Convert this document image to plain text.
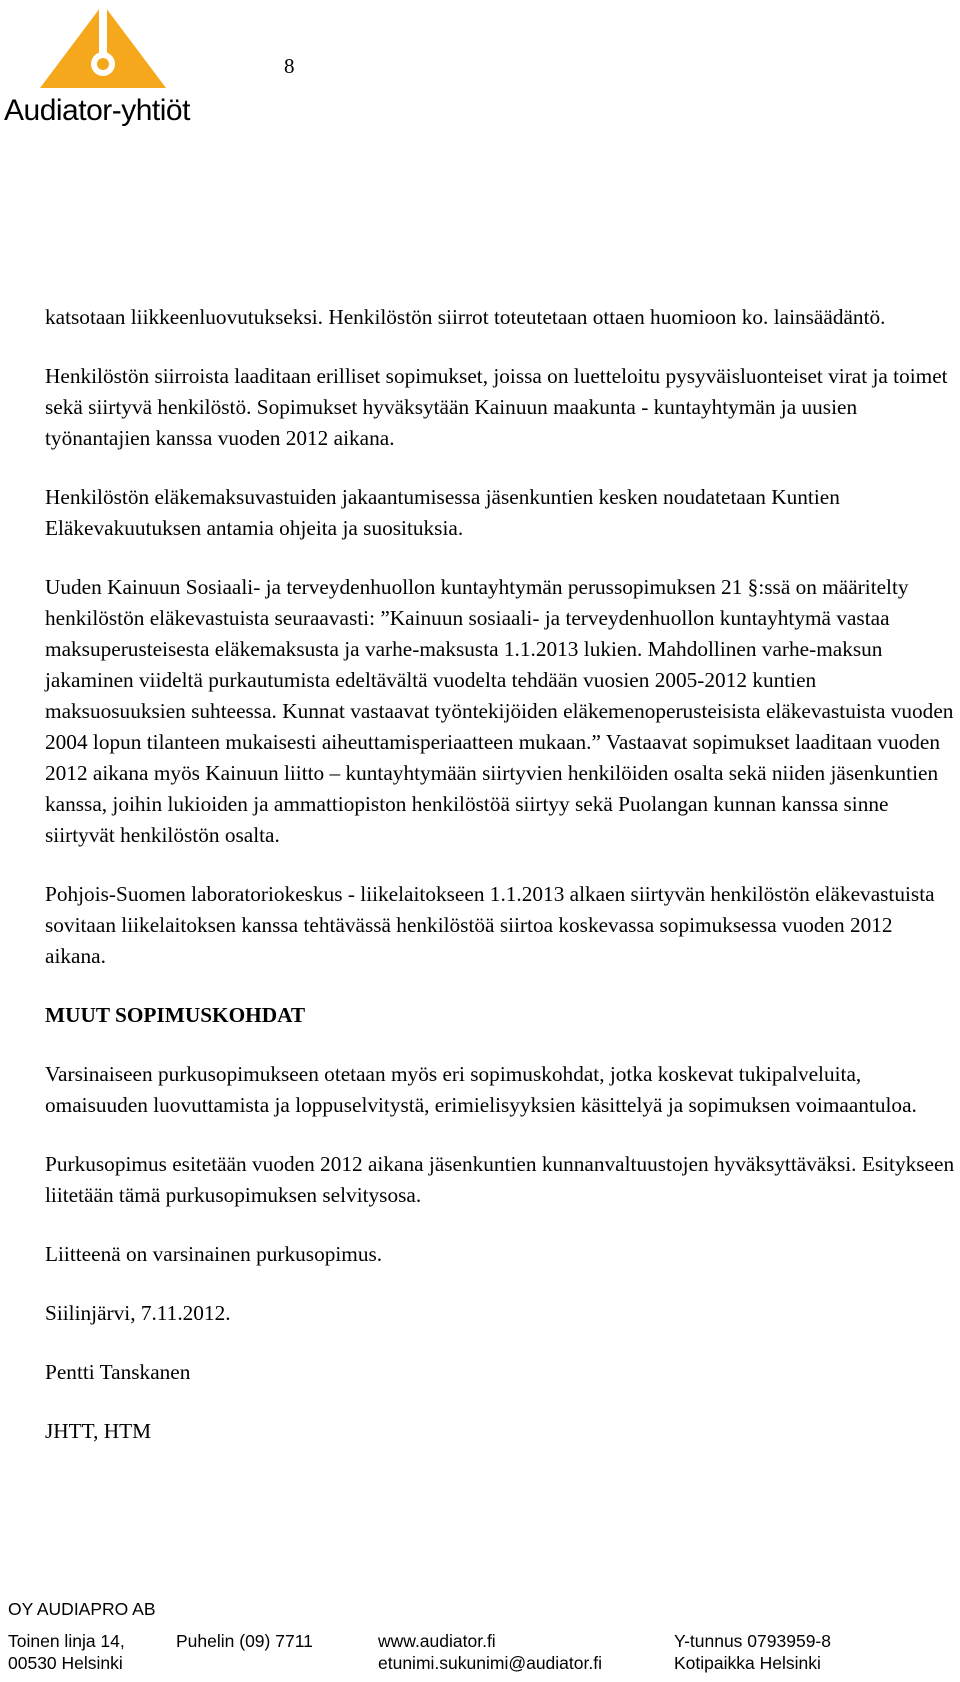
Audiator-yhtiöt
8

katsotaan liikkeenluovutukseksi. Henkilöstön siirrot toteutetaan ottaen huomioon ko. lainsäädäntö.

Henkilöstön siirroista laaditaan erilliset sopimukset, joissa on luetteloitu pysyväisluonteiset virat ja toimet sekä siirtyvä henkilöstö. Sopimukset hyväksytään Kainuun maakunta - kuntayhtymän ja uusien työnantajien kanssa vuoden 2012 aikana.

Henkilöstön eläkemaksuvastuiden jakaantumisessa jäsenkuntien kesken noudatetaan Kuntien Eläkevakuutuksen antamia ohjeita ja suosituksia.

Uuden Kainuun Sosiaali- ja terveydenhuollon kuntayhtymän perussopimuksen 21 §:ssä on määritelty henkilöstön eläkevastuista seuraavasti: ”Kainuun sosiaali- ja terveydenhuollon kuntayhtymä vastaa maksuperusteisesta eläkemaksusta ja varhe-maksusta 1.1.2013 lukien. Mahdollinen varhe-maksun jakaminen viideltä purkautumista edeltävältä vuodelta tehdään vuosien 2005-2012 kuntien maksuosuuksien suhteessa. Kunnat vastaavat työntekijöiden eläkemenoperusteisista eläkevastuista vuoden 2004 lopun tilanteen mukaisesti aiheuttamisperiaatteen mukaan.” Vastaavat sopimukset laaditaan vuoden 2012 aikana myös Kainuun liitto – kuntayhtymään siirtyvien henkilöiden osalta sekä niiden jäsenkuntien kanssa, joihin lukioiden ja ammattiopiston henkilöstöä siirtyy sekä Puolangan kunnan kanssa sinne siirtyvät henkilöstön osalta.

Pohjois-Suomen laboratoriokeskus - liikelaitokseen 1.1.2013 alkaen siirtyvän henkilöstön eläkevastuista sovitaan liikelaitoksen kanssa tehtävässä henkilöstöä siirtoa koskevassa sopimuksessa vuoden 2012 aikana.

MUUT SOPIMUSKOHDAT

Varsinaiseen purkusopimukseen otetaan myös eri sopimuskohdat, jotka koskevat tukipalveluita, omaisuuden luovuttamista ja loppuselvitystä, erimielisyyksien käsittelyä ja sopimuksen voimaantuloa.

Purkusopimus esitetään vuoden 2012 aikana jäsenkuntien kunnanvaltuustojen hyväksyttäväksi. Esitykseen liitetään tämä purkusopimuksen selvitysosa.

Liitteenä on varsinainen purkusopimus.

Siilinjärvi, 7.11.2012.

Pentti Tanskanen

JHTT, HTM

OY AUDIAPRO AB
Toinen linja 14,
00530 Helsinki
Puhelin (09) 7711	www.audiator.fi
etunimi.sukunimi@audiator.fi
Y-tunnus 0793959-8
Kotipaikka Helsinki
